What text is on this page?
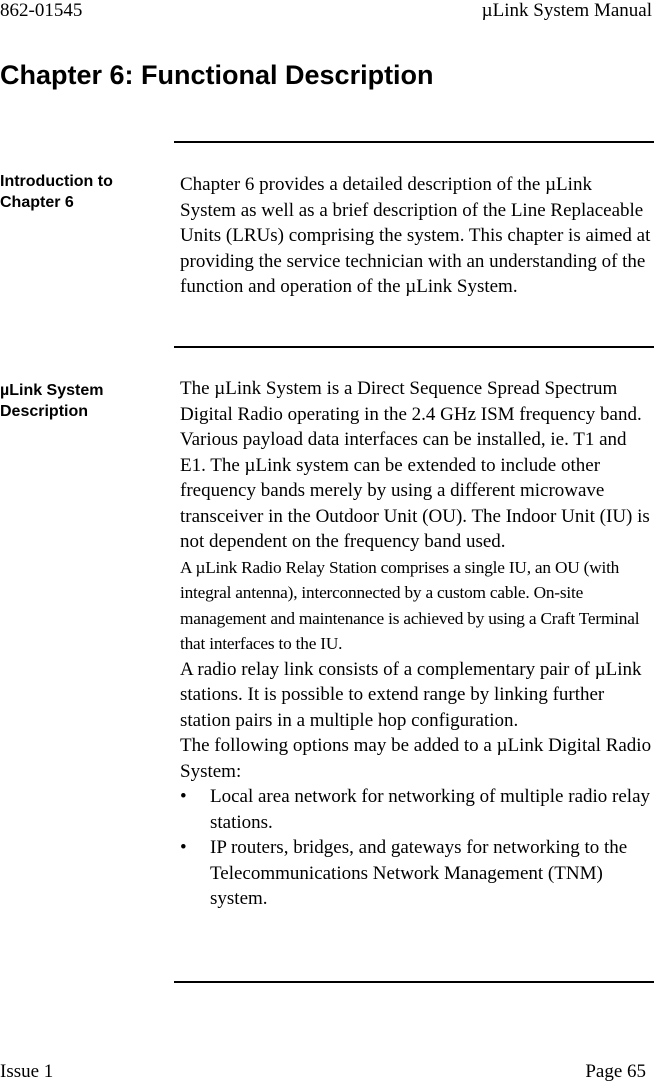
862-01545	µLink System Manual
Chapter 6: Functional Description
Introduction to
Chapter 6

Chapter 6 provides a detailed description of the µLink System as well as a brief description of the Line Replaceable Units (LRUs) comprising the system. This chapter is aimed at providing the service technician with an understanding of the function and operation of the µLink System.

µLink System
Description

The µLink System is a Direct Sequence Spread Spectrum Digital Radio operating in the 2.4 GHz ISM frequency band. Various payload data interfaces can be installed, ie. T1 and E1. The µLink system can be extended to include other frequency bands merely by using a different microwave transceiver in the Outdoor Unit (OU). The Indoor Unit (IU) is not dependent on the frequency band used.

A µLink Radio Relay Station comprises a single IU, an OU (with integral antenna), interconnected by a custom cable. On-site management and maintenance is achieved by using a Craft Terminal that interfaces to the IU.

A radio relay link consists of a complementary pair of µLink stations. It is possible to extend range by linking further station pairs in a multiple hop configuration.

The following options may be added to a µLink Digital Radio System:

• Local area network for networking of multiple radio relay stations.
• IP routers, bridges, and gateways for networking to the Telecommunications Network Management (TNM) system.
Issue 1	Page 65
